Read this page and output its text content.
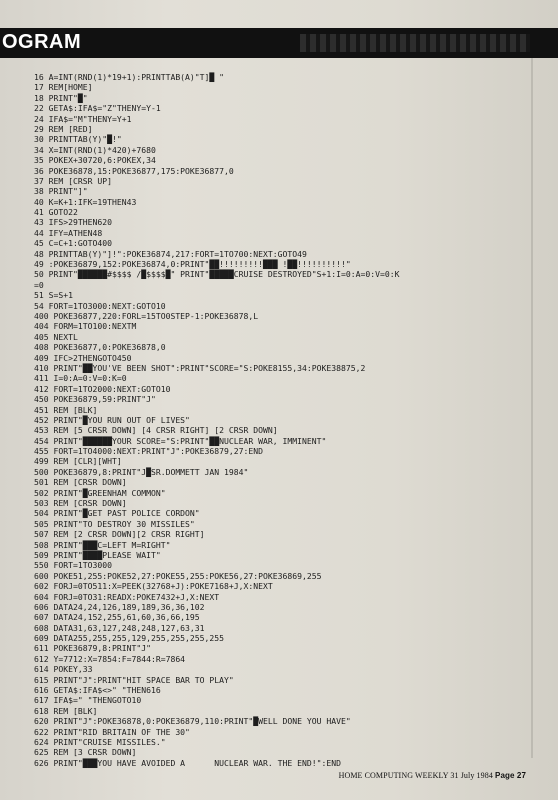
OGRAM
16 A=INT(RND(1)*19+1):PRINTTAB(A)"T]█ "
17 REM[HOME]
18 PRINT"█"
22 GETA$:IFA$="Z"THENY=Y-1
24 IFA$="M"THENY=Y+1
29 REM [RED]
30 PRINTTAB(Y)"█!"
34 X=INT(RND(1)*420)+7680
35 POKEX+30720,6:POKEX,34
36 POKE36878,15:POKE36877,175:POKE36877,0
37 REM [CRSR UP]
38 PRINT"]"
40 K=K+1:IFK=19THEN43
41 GOTO22
43 IFS>29THEN620
44 IFY=ATHEN48
45 C=C+1:GOTO400
48 PRINTTAB(Y)"]!":POKE36874,217:FORT=1TO700:NEXT:GOTO49
49 :POKE36879,152:POKE36874,0:PRINT"██!!!!!!!!!███ !██!!!!!!!!!!"
50 PRINT"██████#$$$$ /█$$$$█" PRINT"█████CRUISE DESTROYED"S+1:I=0:A=0:V=0:K
=0
51 S=S+1
54 FORT=1TO3000:NEXT:GOTO10
400 POKE36877,220:FORL=15TO0STEP-1:POKE36878,L
404 FORM=1TO100:NEXTM
405 NEXTL
408 POKE36877,0:POKE36878,0
409 IFC>2THENGOTO450
410 PRINT"██YOU'VE BEEN SHOT":PRINT"SCORE="S:POKE8155,34:POKE38875,2
411 I=0:A=0:V=0:K=0
412 FORT=1TO2000:NEXT:GOTO10
450 POKE36879,59:PRINT"J"
451 REM [BLK]
452 PRINT"█YOU RUN OUT OF LIVES"
453 REM [5 CRSR DOWN] [4 CRSR RIGHT] [2 CRSR DOWN]
454 PRINT"██████YOUR SCORE="S:PRINT"██NUCLEAR WAR, IMMINENT"
455 FORT=1TO4000:NEXT:PRINT"J":POKE36879,27:END
499 REM [CLR][WHT]
500 POKE36879,8:PRINT"J█SR.DOMMETT JAN 1984"
501 REM [CRSR DOWN]
502 PRINT"█GREENHAM COMMON"
503 REM [CRSR DOWN]
504 PRINT"█GET PAST POLICE CORDON"
505 PRINT"TO DESTROY 30 MISSILES"
507 REM [2 CRSR DOWN][2 CRSR RIGHT]
508 PRINT"███C=LEFT M=RIGHT"
509 PRINT"████PLEASE WAIT"
550 FORT=1TO3000
600 POKE51,255:POKE52,27:POKE55,255:POKE56,27:POKE36869,255
602 FORJ=0TO511:X=PEEK(32768+J):POKE7168+J,X:NEXT
604 FORJ=0TO31:READX:POKE7432+J,X:NEXT
606 DATA24,24,126,189,189,36,36,102
607 DATA24,152,255,61,60,36,66,195
608 DATA31,63,127,248,248,127,63,31
609 DATA255,255,255,129,255,255,255,255
611 POKE36879,8:PRINT"J"
612 Y=7712:X=7854:F=7844:R=7864
614 POKEY,33
615 PRINT"J":PRINT"HIT SPACE BAR TO PLAY"
616 GETA$:IFA$<>" "THEN616
617 IFA$=" "THENGOTO10
618 REM [BLK]
620 PRINT"J":POKE36878,0:POKE36879,110:PRINT"█WELL DONE YOU HAVE"
622 PRINT"RID BRITAIN OF THE 30"
624 PRINT"CRUISE MISSILES."
625 REM [3 CRSR DOWN]
626 PRINT"███YOU HAVE AVOIDED A      NUCLEAR WAR. THE END!":END
HOME COMPUTING WEEKLY 31 July 1984 Page 27
